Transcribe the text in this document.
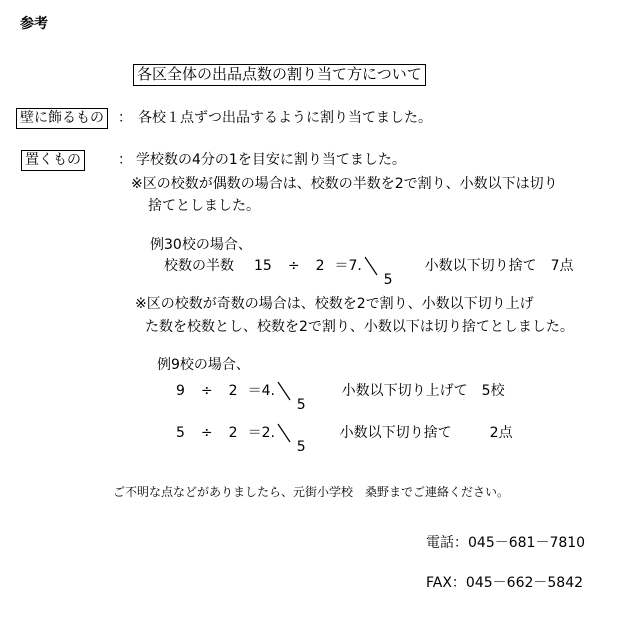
参考
各区全体の出品点数の割り当て方について
壁に飾るもの ： 各校１点ずつ出品するように割り当てました。
置くもの	： 学校数の4分の1を目安に割り当てました。
※区の校数が偶数の場合は、校数の半数を2で割り、小数以下は切り
捨てとしました。
例30校の場合、
校数の半数 15 ÷ 2 ＝7.

5

小数以下切り捨て　7点
※区の校数が奇数の場合は、校数を2で割り、小数以下切り上げ
た数を校数とし、校数を2で割り、小数以下は切り捨てとしました。
例9校の場合、
9 ÷ 2 ＝4.

5

小数以下切り上げて　5校
5 ÷ 2 ＝2.

5

小数以下切り捨て	2点
ご不明な点などがありましたら、元街小学校　桑野までご連絡ください。
電話：045－681－7810
FAX：045－662－5842
